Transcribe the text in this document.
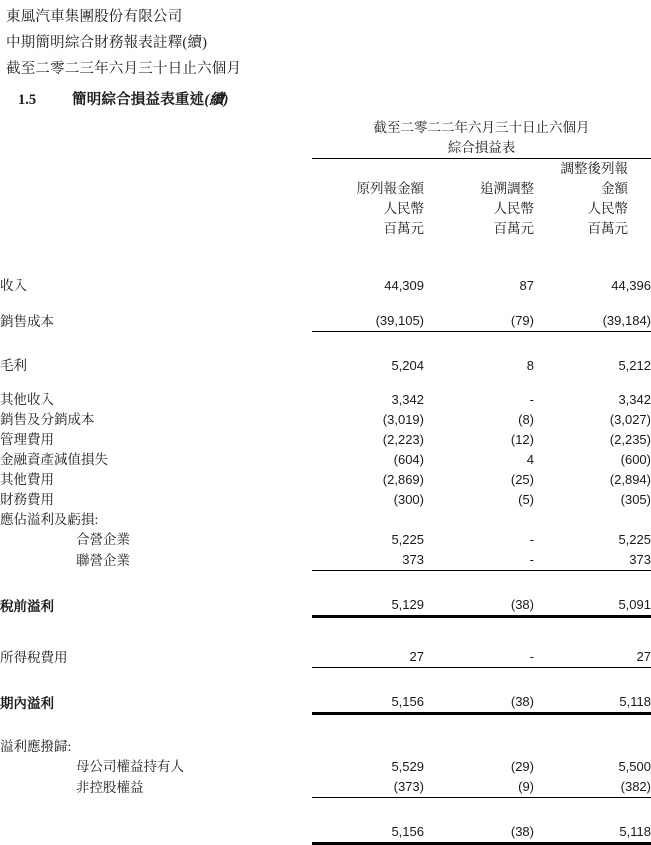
東風汽車集團股份有限公司
中期簡明綜合財務報表註釋(續)
截至二零二三年六月三十日止六個月
1.5	簡明綜合損益表重述 (續)
	截至二零二二年六月三十日止六個月		
	綜合損益表		
			調整後列報
	原列報金額	追溯調整	金額
	人民幣	人民幣	人民幣
	百萬元	百萬元	百萬元

收入	44,309	87	44,396
銷售成本	(39,105)	(79)	(39,184)

毛利	5,204	8	5,212

其他收入	3,342	-	3,342
銷售及分銷成本	(3,019)	(8)	(3,027)
管理費用	(2,223)	(12)	(2,235)
金融資產減值損失	(604)	4	(600)
其他費用	(2,869)	(25)	(2,894)
財務費用	(300)	(5)	(305)
應佔溢利及虧損:			
合營企業	5,225	-	5,225
聯營企業	373	-	373

稅前溢利	5,129	(38)	5,091

所得稅費用	27	-	27

期內溢利	5,156	(38)	5,118

溢利應撥歸:			
母公司權益持有人	5,529	(29)	5,500
非控股權益	(373)	(9)	(382)

	5,156	(38)	5,118
